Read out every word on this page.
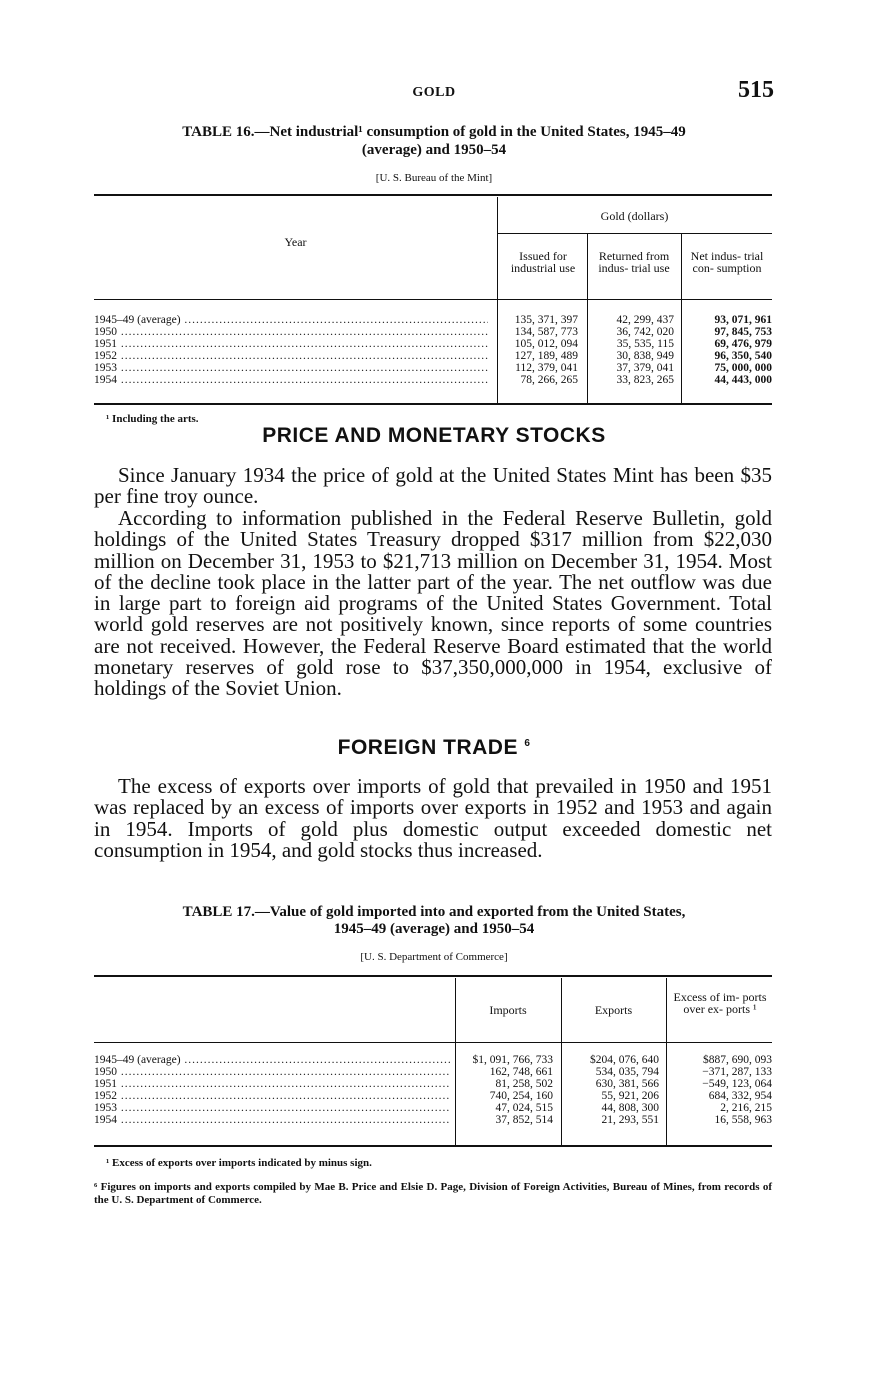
GOLD	515
TABLE 16.—Net industrial¹ consumption of gold in the United States, 1945–49
(average) and 1950–54
[U. S. Bureau of the Mint]
Year
Gold (dollars)
Issued for industrial use
Returned from indus- trial use
Net indus- trial con- sumption
1945–49 (average) .....	135, 371, 397	42, 299, 437	93, 071, 961
1950 .....	134, 587, 773	36, 742, 020	97, 845, 753
1951 .....	105, 012, 094	35, 535, 115	69, 476, 979
1952 .....	127, 189, 489	30, 838, 949	96, 350, 540
1953 .....	112, 379, 041	37, 379, 041	75, 000, 000
1954 .....	78, 266, 265	33, 823, 265	44, 443, 000
¹ Including the arts.
PRICE AND MONETARY STOCKS
Since January 1934 the price of gold at the United States Mint has been $35 per fine troy ounce.
According to information published in the Federal Reserve Bulletin, gold holdings of the United States Treasury dropped $317 million from $22,030 million on December 31, 1953 to $21,713 million on December 31, 1954. Most of the decline took place in the latter part of the year. The net outflow was due in large part to foreign aid programs of the United States Government. Total world gold reserves are not positively known, since reports of some countries are not received. However, the Federal Reserve Board estimated that the world monetary reserves of gold rose to $37,350,000,000 in 1954, exclusive of holdings of the Soviet Union.
FOREIGN TRADE $^6$
The excess of exports over imports of gold that prevailed in 1950 and 1951 was replaced by an excess of imports over exports in 1952 and 1953 and again in 1954. Imports of gold plus domestic output exceeded domestic net consumption in 1954, and gold stocks thus increased.
TABLE 17.—Value of gold imported into and exported from the United States,
1945–49 (average) and 1950–54
[U. S. Department of Commerce]
Imports	Exports
Excess of im- ports over ex- ports ¹
1945–49 (average) .....	$1, 091, 766, 733	$204, 076, 640	$887, 690, 093
1950 .....	162, 748, 661	534, 035, 794	−371, 287, 133
1951 .....	81, 258, 502	630, 381, 566	−549, 123, 064
1952 .....	740, 254, 160	55, 921, 206	684, 332, 954
1953 .....	47, 024, 515	44, 808, 300	2, 216, 215
1954 .....	37, 852, 514	21, 293, 551	16, 558, 963
¹ Excess of exports over imports indicated by minus sign.
⁶ Figures on imports and exports compiled by Mae B. Price and Elsie D. Page, Division of Foreign Activities, Bureau of Mines, from records of the U. S. Department of Commerce.
